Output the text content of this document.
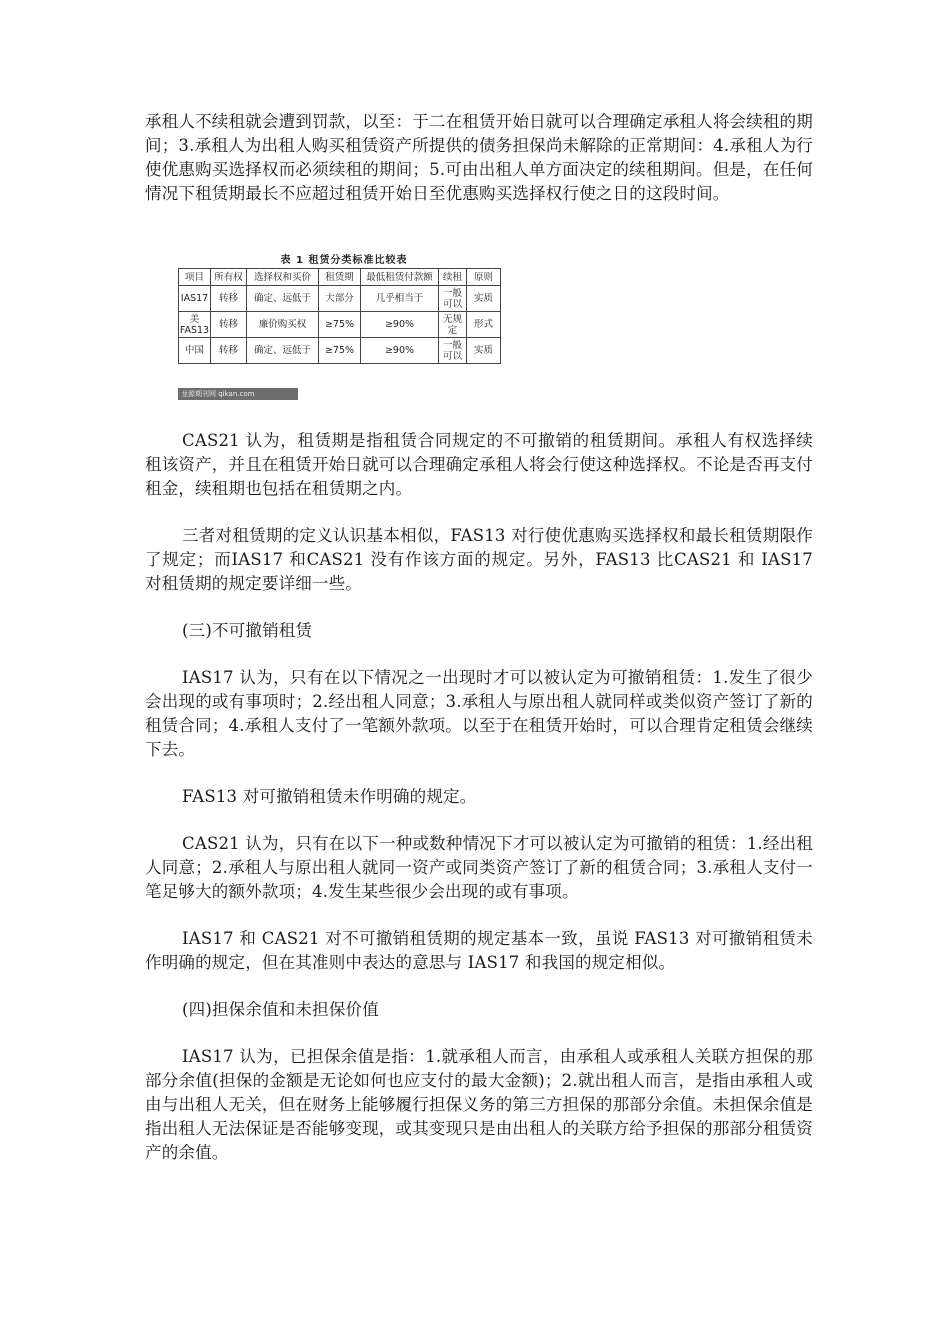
承租人不续租就会遭到罚款，以至：于二在租赁开始日就可以合理确定承租人将会续租的期间；3.承租人为出租人购买租赁资产所提供的债务担保尚未解除的正常期间：4.承租人为行使优惠购买选择权而必须续租的期间；5.可由出租人单方面决定的续租期间。但是，在任何情况下租赁期最长不应超过租赁开始日至优惠购买选择权行使之日的这段时间。

表 1 租赁分类标准比较表
项目	所有权	选择权和买价	租赁期	最低租赁付款额	续租	原则
IAS17	转移	确定、远低于	大部分	几乎相当于	一般可以	实质
美FAS13	转移	廉价购买权	≥75%	≥90%	无规定	形式
中国	转移	确定、远低于	≥75%	≥90%	一般可以	实质
龙源期刊网 qikan.com

CAS21 认为，租赁期是指租赁合同规定的不可撤销的租赁期间。承租人有权选择续租该资产，并且在租赁开始日就可以合理确定承租人将会行使这种选择权。不论是否再支付租金，续租期也包括在租赁期之内。

三者对租赁期的定义认识基本相似，FAS13 对行使优惠购买选择权和最长租赁期限作了规定；而IAS17 和CAS21 没有作该方面的规定。另外，FAS13 比CAS21 和 IAS17 对租赁期的规定要详细一些。

(三)不可撤销租赁

IAS17 认为，只有在以下情况之一出现时才可以被认定为可撤销租赁：1.发生了很少会出现的或有事项时；2.经出租人同意；3.承租人与原出租人就同样或类似资产签订了新的租赁合同；4.承租人支付了一笔额外款项。以至于在租赁开始时，可以合理肯定租赁会继续下去。

FAS13 对可撤销租赁未作明确的规定。

CAS21 认为，只有在以下一种或数种情况下才可以被认定为可撤销的租赁：1.经出租人同意；2.承租人与原出租人就同一资产或同类资产签订了新的租赁合同；3.承租人支付一笔足够大的额外款项；4.发生某些很少会出现的或有事项。

IAS17 和 CAS21 对不可撤销租赁期的规定基本一致，虽说 FAS13 对可撤销租赁未作明确的规定，但在其准则中表达的意思与 IAS17 和我国的规定相似。

(四)担保余值和未担保价值

IAS17 认为，已担保余值是指：1.就承租人而言，由承租人或承租人关联方担保的那部分余值(担保的金额是无论如何也应支付的最大金额)；2.就出租人而言，是指由承租人或由与出租人无关，但在财务上能够履行担保义务的第三方担保的那部分余值。未担保余值是指出租人无法保证是否能够变现，或其变现只是由出租人的关联方给予担保的那部分租赁资产的余值。
